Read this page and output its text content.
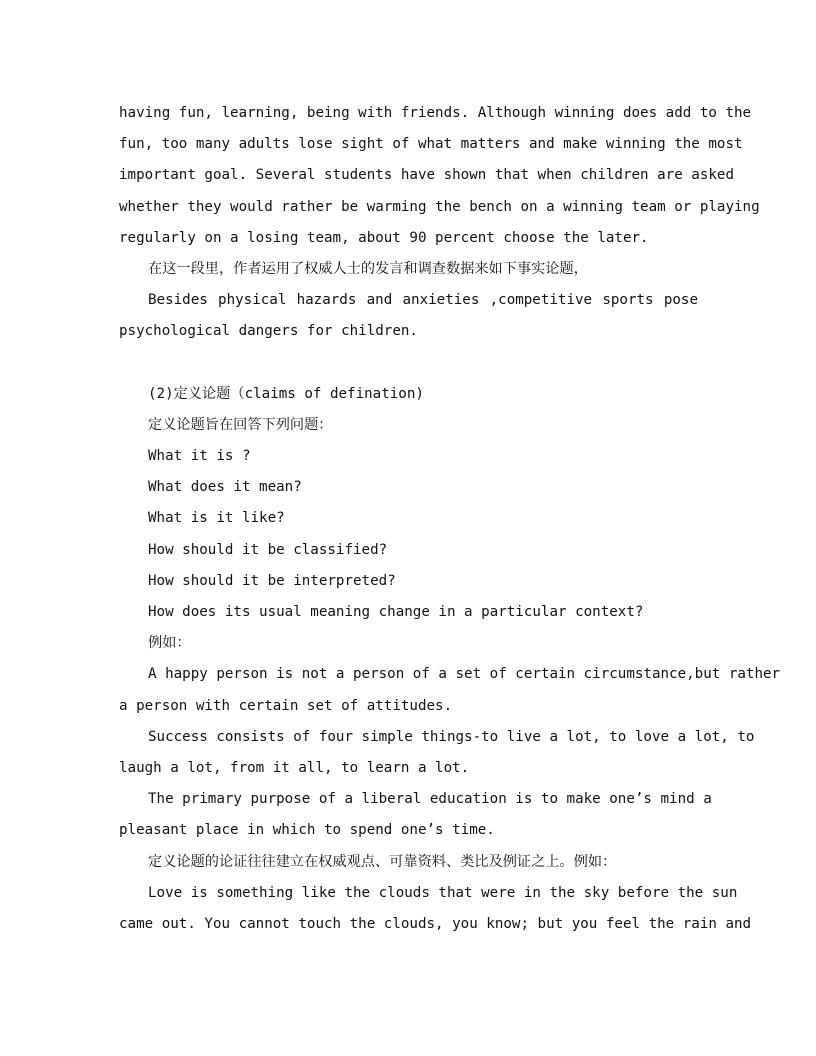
having fun, learning, being with friends. Although winning does add to the
fun, too many adults lose sight of what matters and make winning the most
important goal. Several students have shown that when children are asked
whether they would rather be warming the bench on a winning team or playing
regularly on a losing team, about 90 percent choose the later.
在这一段里，作者运用了权威人士的发言和调查数据来如下事实论题，
Besides physical hazards and anxieties ,competitive sports pose
psychological dangers for children.
(2)定义论题（claims of defination)
定义论题旨在回答下列问题：
What it is ?
What does it mean?
What is it like?
How should it be classified?
How should it be interpreted?
How does its usual meaning change in a particular context?
例如：
A happy person is not a person of a set of certain circumstance,but rather
a person with certain set of attitudes.
Success consists of four simple things-to live a lot, to love a lot, to
laugh a lot, from it all, to learn a lot.
The primary purpose of a liberal education is to make one’s mind a
pleasant place in which to spend one’s time.
定义论题的论证往往建立在权威观点、可靠资料、类比及例证之上。例如：
Love is something like the clouds that were in the sky before the sun
came out. You cannot touch the clouds, you know; but you feel the rain and
